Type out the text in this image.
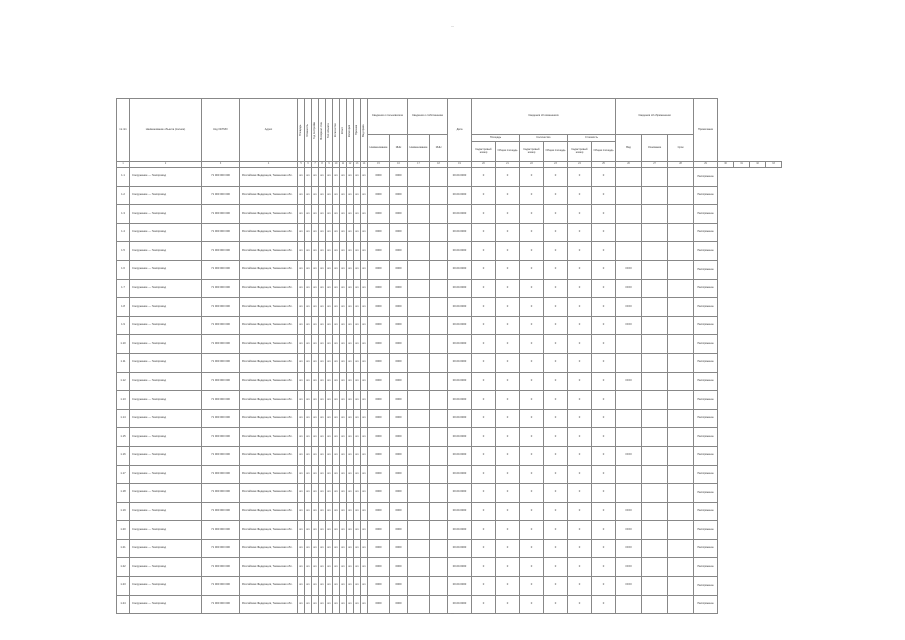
—
№ п/п	Наименование объекта (полное)	Код ОКТМО	Адрес	Площадь	Этажность	Год постройки	Материал стен	Тип объекта	Количество	Класс	Категория	Признак	Вид права	Сведения о пользователе		Сведения о собственнике		Дата	Сведения об изменениях						Сведения об обременении			Примечание				
														Наименование	ИНН	Наименование	ИНН		Площадь		Количество		Стоимость		Вид	Основание	Срок					
																			Кадастровый номер	Общая площадь	Кадастровый номер	Общая площадь	Кадастровый номер	Общая площадь								
1	2	3	4	5	6	7	8	9	10	11	12	13	14	15	16	17	18	19	20	21	22	23	24	25	26	27	28	29	30	31	32	33
1.1	Сооружение — Газопровод	71 000 000 000	Российская Федерация, Тюменская обл.	вл	вл	вл	вл	вл	вл	вл	вл	вл	вл	0000	0000			00.00.0000	0	0	0	0	0	0				Распоряжение				
1.2	Сооружение — Газопровод	71 000 000 000	Российская Федерация, Тюменская обл.	вл	вл	вл	вл	вл	вл	вл	вл	вл	вл	0000	0000			00.00.0000	0	0	0	0	0	0				Распоряжение				
1.3	Сооружение — Газопровод	71 000 000 000	Российская Федерация, Тюменская обл.	вл	вл	вл	вл	вл	вл	вл	вл	вл	вл	0000	0000			00.00.0000	0	0	0	0	0	0				Распоряжение				
1.4	Сооружение — Газопровод	71 000 000 000	Российская Федерация, Тюменская обл.	вл	вл	вл	вл	вл	вл	вл	вл	вл	вл	0000	0000			00.00.0000	0	0	0	0	0	0				Распоряжение				
1.5	Сооружение — Газопровод	71 000 000 000	Российская Федерация, Тюменская обл.	вл	вл	вл	вл	вл	вл	вл	вл	вл	вл	0000	0000			00.00.0000	0	0	0	0	0	0				Распоряжение				
1.6	Сооружение — Газопровод	71 000 000 000	Российская Федерация, Тюменская обл.	вл	вл	вл	вл	вл	вл	вл	вл	вл	вл	0000	0000			00.00.0000	0	0	0	0	0	0	ООО			Распоряжение				
1.7	Сооружение — Газопровод	71 000 000 000	Российская Федерация, Тюменская обл.	вл	вл	вл	вл	вл	вл	вл	вл	вл	вл	0000	0000			00.00.0000	0	0	0	0	0	0	ООО			Распоряжение				
1.8	Сооружение — Газопровод	71 000 000 000	Российская Федерация, Тюменская обл.	вл	вл	вл	вл	вл	вл	вл	вл	вл	вл	0000	0000			00.00.0000	0	0	0	0	0	0	ООО			Распоряжение				
1.9	Сооружение — Газопровод	71 000 000 000	Российская Федерация, Тюменская обл.	вл	вл	вл	вл	вл	вл	вл	вл	вл	вл	0000	0000			00.00.0000	0	0	0	0	0	0	ООО			Распоряжение				
1.10	Сооружение — Газопровод	71 000 000 000	Российская Федерация, Тюменская обл.	вл	вл	вл	вл	вл	вл	вл	вл	вл	вл	0000	0000			00.00.0000	0	0	0	0	0	0				Распоряжение				
1.11	Сооружение — Газопровод	71 000 000 000	Российская Федерация, Тюменская обл.	вл	вл	вл	вл	вл	вл	вл	вл	вл	вл	0000	0000			00.00.0000	0	0	0	0	0	0				Распоряжение				
1.12	Сооружение — Газопровод	71 000 000 000	Российская Федерация, Тюменская обл.	вл	вл	вл	вл	вл	вл	вл	вл	вл	вл	0000	0000			00.00.0000	0	0	0	0	0	0	ООО			Распоряжение				
1.13	Сооружение — Газопровод	71 000 000 000	Российская Федерация, Тюменская обл.	вл	вл	вл	вл	вл	вл	вл	вл	вл	вл	0000	0000			00.00.0000	0	0	0	0	0	0				Распоряжение				
1.14	Сооружение — Газопровод	71 000 000 000	Российская Федерация, Тюменская обл.	вл	вл	вл	вл	вл	вл	вл	вл	вл	вл	0000	0000			00.00.0000	0	0	0	0	0	0				Распоряжение				
1.15	Сооружение — Газопровод	71 000 000 000	Российская Федерация, Тюменская обл.	вл	вл	вл	вл	вл	вл	вл	вл	вл	вл	0000	0000			00.00.0000	0	0	0	0	0	0				Распоряжение				
1.16	Сооружение — Газопровод	71 000 000 000	Российская Федерация, Тюменская обл.	вл	вл	вл	вл	вл	вл	вл	вл	вл	вл	0000	0000			00.00.0000	0	0	0	0	0	0	ООО			Распоряжение				
1.17	Сооружение — Газопровод	71 000 000 000	Российская Федерация, Тюменская обл.	вл	вл	вл	вл	вл	вл	вл	вл	вл	вл	0000	0000			00.00.0000	0	0	0	0	0	0				Распоряжение				
1.18	Сооружение — Газопровод	71 000 000 000	Российская Федерация, Тюменская обл.	вл	вл	вл	вл	вл	вл	вл	вл	вл	вл	0000	0000			00.00.0000	0	0	0	0	0	0				Распоряжение				
1.19	Сооружение — Газопровод	71 000 000 000	Российская Федерация, Тюменская обл.	вл	вл	вл	вл	вл	вл	вл	вл	вл	вл	0000	0000			00.00.0000	0	0	0	0	0	0	ООО			Распоряжение				
1.20	Сооружение — Газопровод	71 000 000 000	Российская Федерация, Тюменская обл.	вл	вл	вл	вл	вл	вл	вл	вл	вл	вл	0000	0000			00.00.0000	0	0	0	0	0	0	ООО			Распоряжение				
1.21	Сооружение — Газопровод	71 000 000 000	Российская Федерация, Тюменская обл.	вл	вл	вл	вл	вл	вл	вл	вл	вл	вл	0000	0000			00.00.0000	0	0	0	0	0	0	ООО			Распоряжение				
1.22	Сооружение — Газопровод	71 000 000 000	Российская Федерация, Тюменская обл.	вл	вл	вл	вл	вл	вл	вл	вл	вл	вл	0000	0000			00.00.0000	0	0	0	0	0	0	ООО			Распоряжение				
1.23	Сооружение — Газопровод	71 000 000 000	Российская Федерация, Тюменская обл.	вл	вл	вл	вл	вл	вл	вл	вл	вл	вл	0000	0000			00.00.0000	0	0	0	0	0	0	ООО			Распоряжение				
1.24	Сооружение — Газопровод	71 000 000 000	Российская Федерация, Тюменская обл.	вл	вл	вл	вл	вл	вл	вл	вл	вл	вл	0000	0000			00.00.0000	0	0	0	0	0	0				Распоряжение				
—
